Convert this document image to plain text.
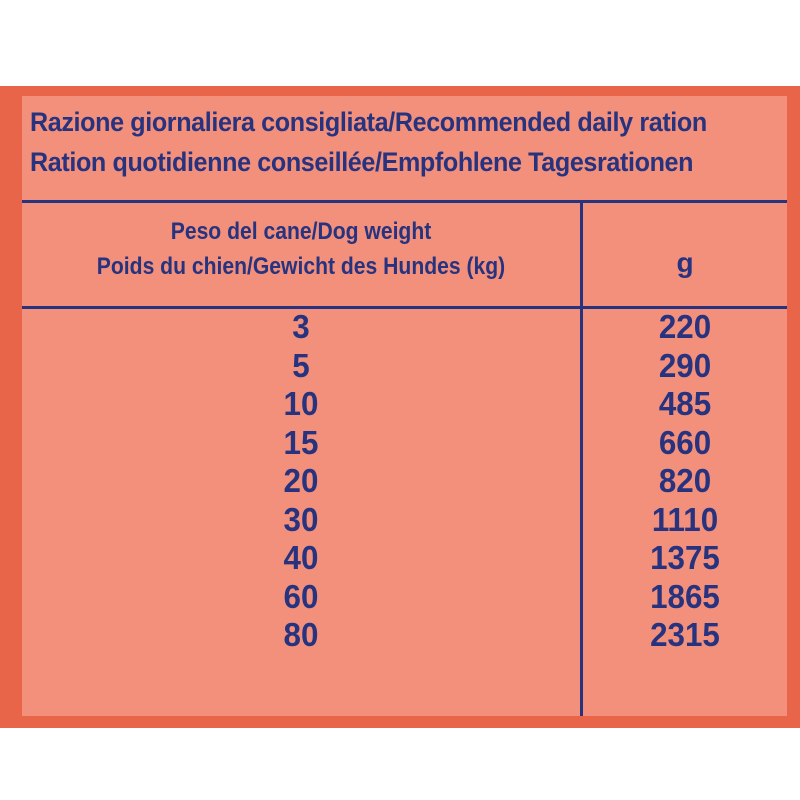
Razione giornaliera consigliata/Recommended daily ration
Ration quotidienne conseillée/Empfohlene Tagesrationen
Peso del cane/Dog weight
Poids du chien/Gewicht des Hundes (kg)	g
3
5
10
15
20
30
40
60
80
220
290
485
660
820
1110
1375
1865
2315
